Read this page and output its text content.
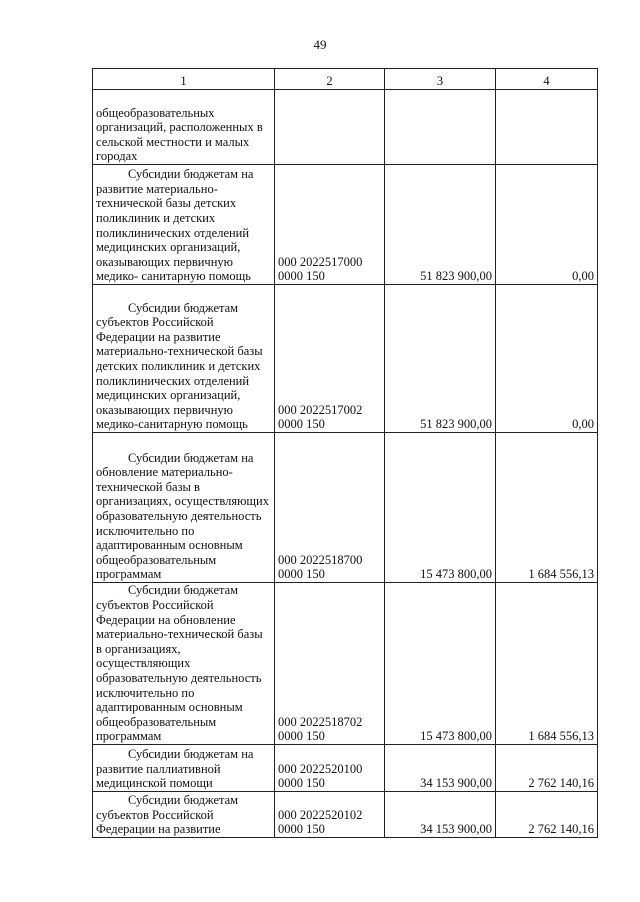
49
1	2	3	4

общеобразовательных организаций, расположенных в сельской местности и малых городах			

Субсидии бюджетам на развитие материально-технической базы детских поликлиник и детских поликлинических отделений медицинских организаций, оказывающих первичную медико- санитарную помощь	000 2022517000 0000 150	51 823 900,00	0,00

Субсидии бюджетам субъектов Российской Федерации на развитие материально-технической базы детских поликлиник и детских поликлинических отделений медицинских организаций, оказывающих первичную медико-санитарную помощь	000 2022517002 0000 150	51 823 900,00	0,00

Субсидии бюджетам на обновление материально-технической базы в организациях, осуществляющих образовательную деятельность исключительно по адаптированным основным общеобразовательным программам	000 2022518700 0000 150	15 473 800,00	1 684 556,13

Субсидии бюджетам субъектов Российской Федерации на обновление материально-технической базы в организациях, осуществляющих образовательную деятельность исключительно по адаптированным основным общеобразовательным программам	000 2022518702 0000 150	15 473 800,00	1 684 556,13

Субсидии бюджетам на развитие паллиативной медицинской помощи	000 2022520100 0000 150	34 153 900,00	2 762 140,16

Субсидии бюджетам субъектов Российской Федерации на развитие	000 2022520102 0000 150	34 153 900,00	2 762 140,16
